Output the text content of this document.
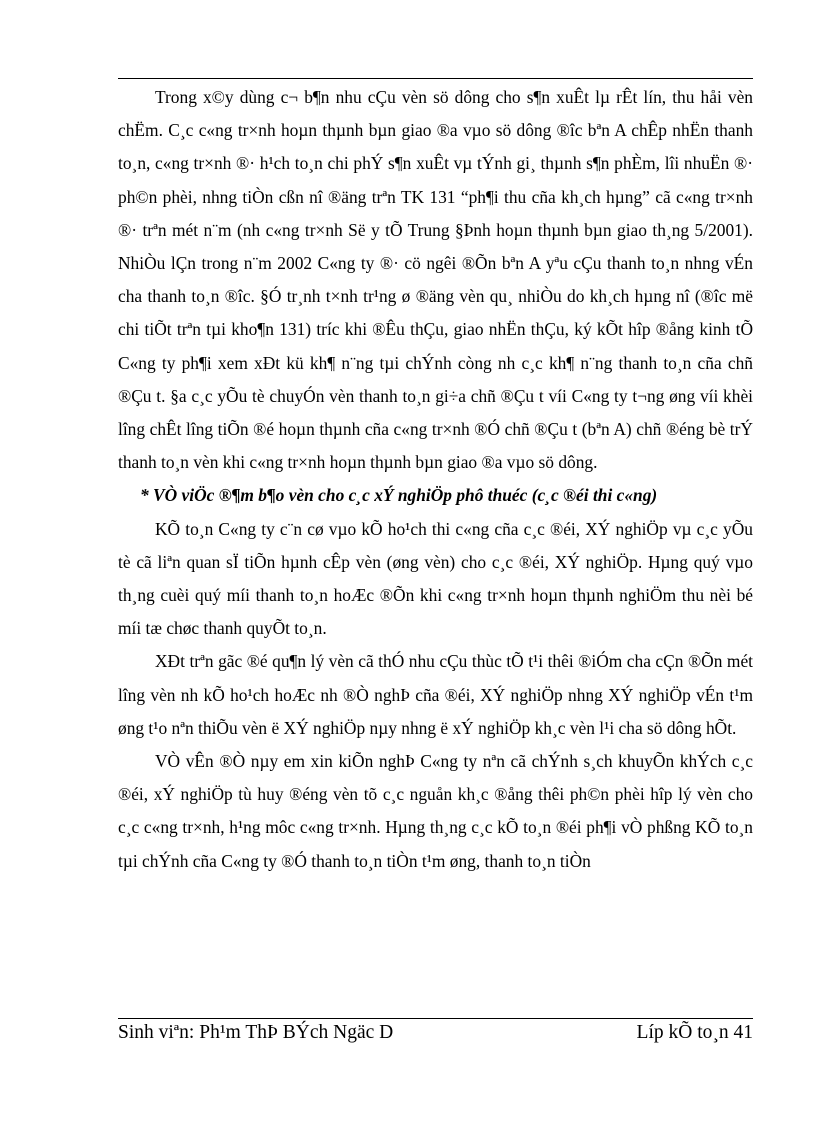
Trong x©y dùng c¬ b¶n nhu cÇu vèn sö dông cho s¶n xuÊt lµ rÊt lín, thu håi vèn chËm. C¸c c«ng tr×nh hoµn thµnh bµn giao ®a vµo sö dông ®îc bªn A chÊp nhËn thanh to¸n, c«ng tr×nh ®· h¹ch to¸n chi phÝ s¶n xuÊt vµ tÝnh gi¸ thµnh s¶n phÈm, lîi nhuËn ®· ph©n phèi, nhng tiÒn cßn nî ®äng trªn TK 131 “ph¶i thu cña kh¸ch hµng” cã c«ng tr×nh ®· trªn mét n¨m (nh c«ng tr×nh Së y tÕ Trung §Þnh hoµn thµnh bµn giao th¸ng 5/2001). NhiÒu lÇn trong n¨m 2002 C«ng ty ®· cö ngêi ®Õn bªn A yªu cÇu thanh to¸n nhng vÉn cha thanh to¸n ®îc. §Ó tr¸nh t×nh tr¹ng ø ®äng vèn qu¸ nhiÒu do kh¸ch hµng nî (®îc më chi tiÕt trªn tµi kho¶n 131) tríc khi ®Êu thÇu, giao nhËn thÇu, ký kÕt hîp ®ång kinh tÕ C«ng ty ph¶i xem xÐt kü kh¶ n¨ng tµi chÝnh còng nh c¸c kh¶ n¨ng thanh to¸n cña chñ ®Çu t. §a c¸c yÕu tè chuyÓn vèn thanh to¸n gi÷a chñ ®Çu t víi C«ng ty t¬ng øng víi khèi lîng chÊt lîng tiÕn ®é hoµn thµnh cña c«ng tr×nh ®Ó chñ ®Çu t (bªn A) chñ ®éng bè trÝ thanh to¸n vèn khi c«ng tr×nh hoµn thµnh bµn giao ®a vµo sö dông.

* VÒ viÖc ®¶m b¶o vèn cho c¸c xÝ nghiÖp phô thuéc (c¸c ®éi thi c«ng)

KÕ to¸n C«ng ty c¨n cø vµo kÕ ho¹ch thi c«ng cña c¸c ®éi, XÝ nghiÖp vµ c¸c yÕu tè cã liªn quan sÏ tiÕn hµnh cÊp vèn (øng vèn) cho c¸c ®éi, XÝ nghiÖp. Hµng quý vµo th¸ng cuèi quý míi thanh to¸n hoÆc ®Õn khi c«ng tr×nh hoµn thµnh nghiÖm thu nèi bé míi tæ chøc thanh quyÕt to¸n.

XÐt trªn gãc ®é qu¶n lý vèn cã thÓ nhu cÇu thùc tÕ t¹i thêi ®iÓm cha cÇn ®Õn mét lîng vèn nh kÕ ho¹ch hoÆc nh ®Ò nghÞ cña ®éi, XÝ nghiÖp nhng XÝ nghiÖp vÉn t¹m øng t¹o nªn thiÕu vèn ë XÝ nghiÖp nµy nhng ë xÝ nghiÖp kh¸c vèn l¹i cha sö dông hÕt.

VÒ vÊn ®Ò nµy em xin kiÕn nghÞ C«ng ty nªn cã chÝnh s¸ch khuyÕn khÝch c¸c ®éi, xÝ nghiÖp tù huy ®éng vèn tõ c¸c nguån kh¸c ®ång thêi ph©n phèi hîp lý vèn cho c¸c c«ng tr×nh, h¹ng môc c«ng tr×nh. Hµng th¸ng c¸c kÕ to¸n ®éi ph¶i vÒ phßng KÕ to¸n tµi chÝnh cña C«ng ty ®Ó thanh to¸n tiÒn t¹m øng, thanh to¸n tiÒn

Sinh viªn: Ph¹m ThÞ BÝch Ngäc D	Líp kÕ to¸n 41
